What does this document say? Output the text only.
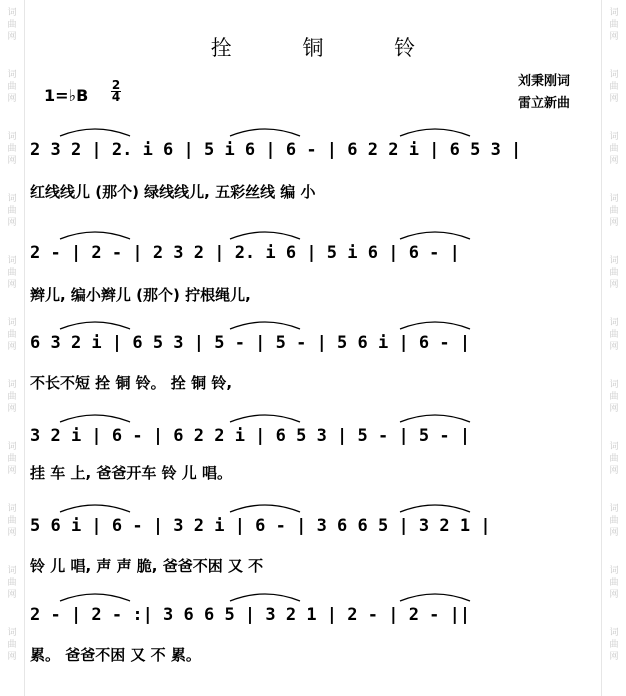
词
曲
网
词
曲
网
词
曲
网
词
曲
网
词
曲
网
词
曲
网
词
曲
网
词
曲
网
词
曲
网
词
曲
网
词
曲
网
词
曲
网
词
曲
网
词
曲
网
词
曲
网
词
曲
网
词
曲
网
词
曲
网
词
曲
网
词
曲
网
词
曲
网
词
曲
网
拴 铜 铃
1=♭B
2
4
刘秉刚词
雷立新曲
2 3 2 | 2. i 6 | 5 i 6 | 6 - | 6 2 2 i | 6 5 3 |
红线线儿 (那个) 绿线线儿, 五彩丝线 编 小
2 - | 2 - | 2 3 2 | 2. i 6 | 5 i 6 | 6 - |
辫儿, 编小辫儿 (那个) 拧根绳儿,
6 3 2 i | 6 5 3 | 5 - | 5 - | 5 6 i | 6 - |
不长不短 拴 铜 铃。 拴 铜 铃,
3 2 i | 6 - | 6 2 2 i | 6 5 3 | 5 - | 5 - |
挂 车 上, 爸爸开车 铃 儿 唱。
5 6 i | 6 - | 3 2 i | 6 - | 3 6 6 5 | 3 2 1 |
铃 儿 唱, 声 声 脆, 爸爸不困 又 不
2 - | 2 - :| 3 6 6 5 | 3 2 1 | 2 - | 2 - ||
累。 爸爸不困 又 不 累。
